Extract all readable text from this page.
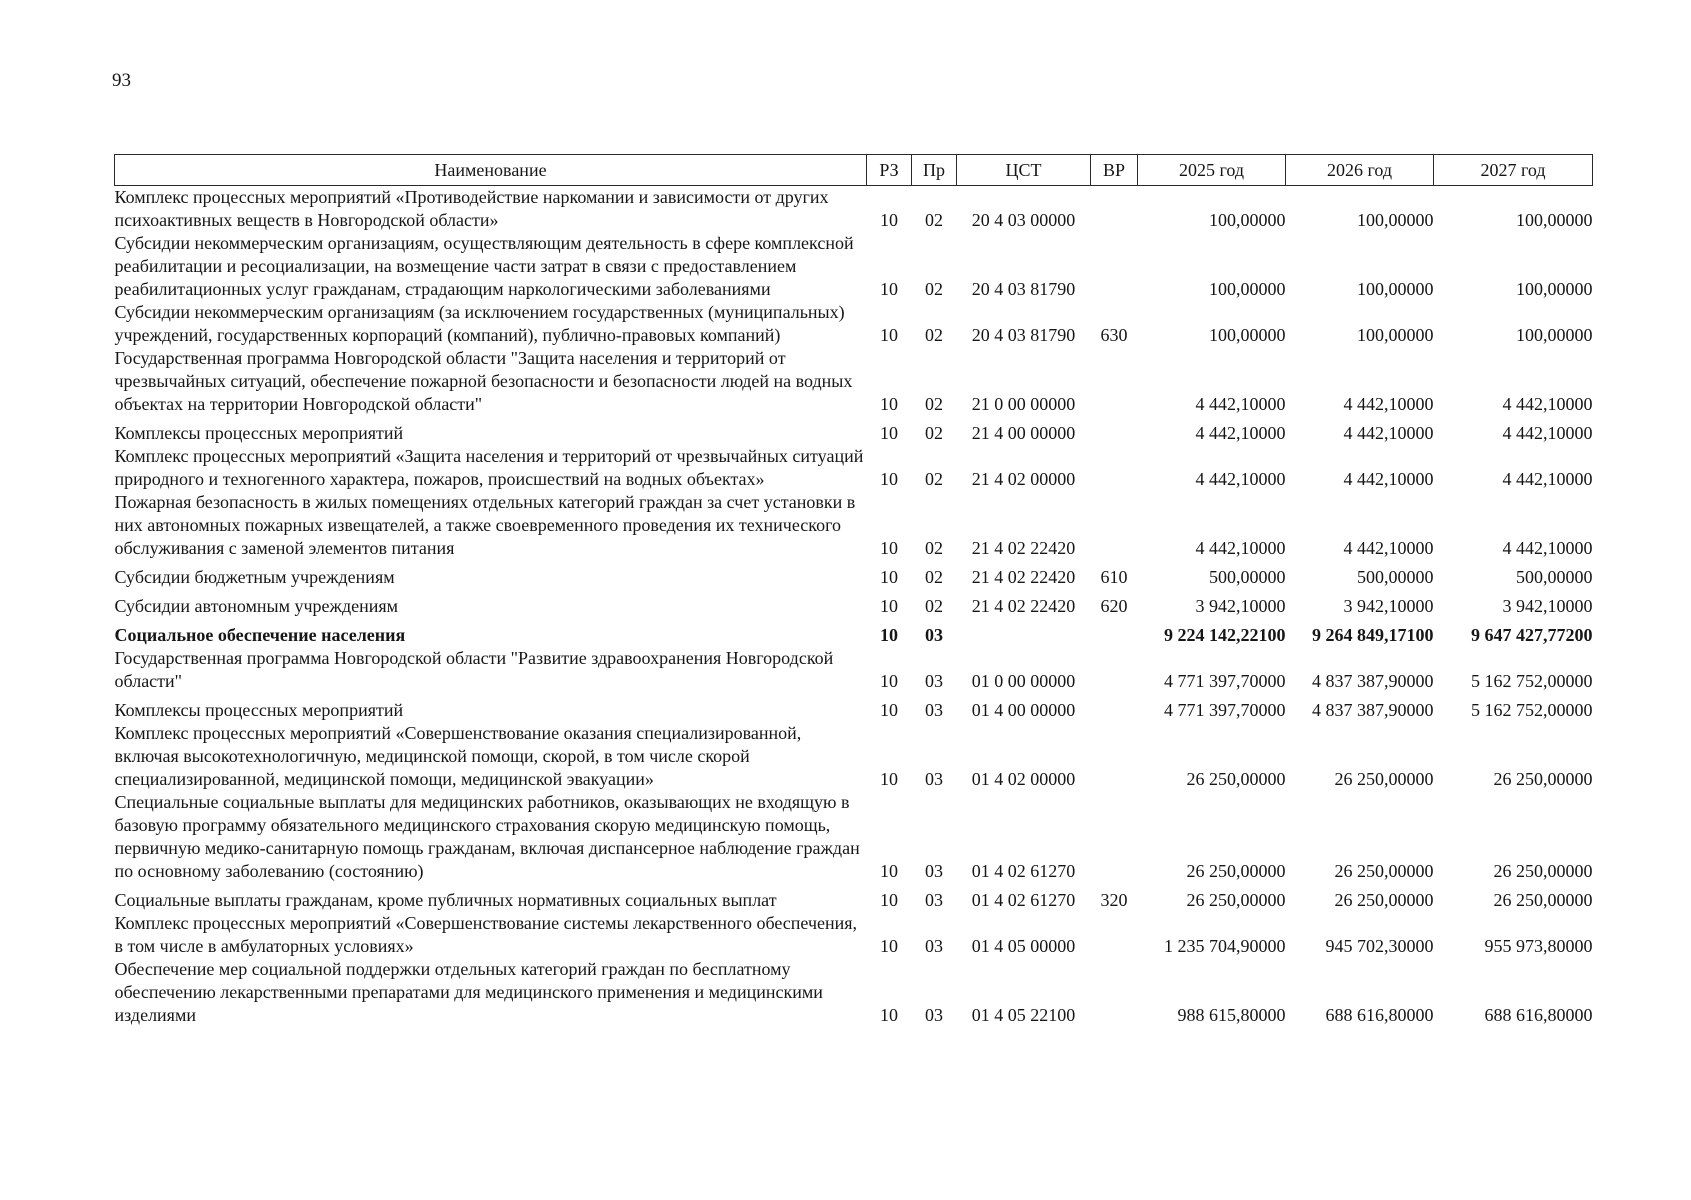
93
Наименование	РЗ	Пр	ЦСТ	ВР	2025 год	2026 год	2027 год
Комплекс процессных мероприятий «Противодействие наркомании и зависимости от других психоактивных веществ в Новгородской области»	10	02	20 4 03 00000		100,00000	100,00000	100,00000
Субсидии некоммерческим организациям, осуществляющим деятельность в сфере комплексной реабилитации и ресоциализации, на возмещение части затрат в связи с предоставлением реабилитационных услуг гражданам, страдающим наркологическими заболеваниями	10	02	20 4 03 81790		100,00000	100,00000	100,00000
Субсидии некоммерческим организациям (за исключением государственных (муниципальных) учреждений, государственных корпораций (компаний), публично-правовых компаний)	10	02	20 4 03 81790	630	100,00000	100,00000	100,00000
Государственная программа Новгородской области "Защита населения и территорий от чрезвычайных ситуаций, обеспечение пожарной безопасности и безопасности людей на водных объектах на территории Новгородской области"	10	02	21 0 00 00000		4 442,10000	4 442,10000	4 442,10000
Комплексы процессных мероприятий	10	02	21 4 00 00000		4 442,10000	4 442,10000	4 442,10000
Комплекс процессных мероприятий «Защита населения и территорий от чрезвычайных ситуаций природного и техногенного характера, пожаров, происшествий на водных объектах»	10	02	21 4 02 00000		4 442,10000	4 442,10000	4 442,10000
Пожарная безопасность в жилых помещениях отдельных категорий граждан за счет установки в них автономных пожарных извещателей, а также своевременного проведения их технического обслуживания с заменой элементов питания	10	02	21 4 02 22420		4 442,10000	4 442,10000	4 442,10000
Субсидии бюджетным учреждениям	10	02	21 4 02 22420	610	500,00000	500,00000	500,00000
Субсидии автономным учреждениям	10	02	21 4 02 22420	620	3 942,10000	3 942,10000	3 942,10000
Социальное обеспечение населения	10	03			9 224 142,22100	9 264 849,17100	9 647 427,77200
Государственная программа Новгородской области "Развитие здравоохранения Новгородской области"	10	03	01 0 00 00000		4 771 397,70000	4 837 387,90000	5 162 752,00000
Комплексы процессных мероприятий	10	03	01 4 00 00000		4 771 397,70000	4 837 387,90000	5 162 752,00000
Комплекс процессных мероприятий «Совершенствование оказания специализированной, включая высокотехнологичную, медицинской помощи, скорой, в том числе скорой специализированной, медицинской помощи, медицинской эвакуации»	10	03	01 4 02 00000		26 250,00000	26 250,00000	26 250,00000
Специальные социальные выплаты для медицинских работников, оказывающих не входящую в базовую программу обязательного медицинского страхования скорую медицинскую помощь, первичную медико-санитарную помощь гражданам, включая диспансерное наблюдение граждан по основному заболеванию (состоянию)	10	03	01 4 02 61270		26 250,00000	26 250,00000	26 250,00000
Социальные выплаты гражданам, кроме публичных нормативных социальных выплат	10	03	01 4 02 61270	320	26 250,00000	26 250,00000	26 250,00000
Комплекс процессных мероприятий «Совершенствование системы лекарственного обеспечения, в том числе в амбулаторных условиях»	10	03	01 4 05 00000		1 235 704,90000	945 702,30000	955 973,80000
Обеспечение мер социальной поддержки отдельных категорий граждан по бесплатному обеспечению лекарственными препаратами для медицинского применения и медицинскими изделиями	10	03	01 4 05 22100		988 615,80000	688 616,80000	688 616,80000
